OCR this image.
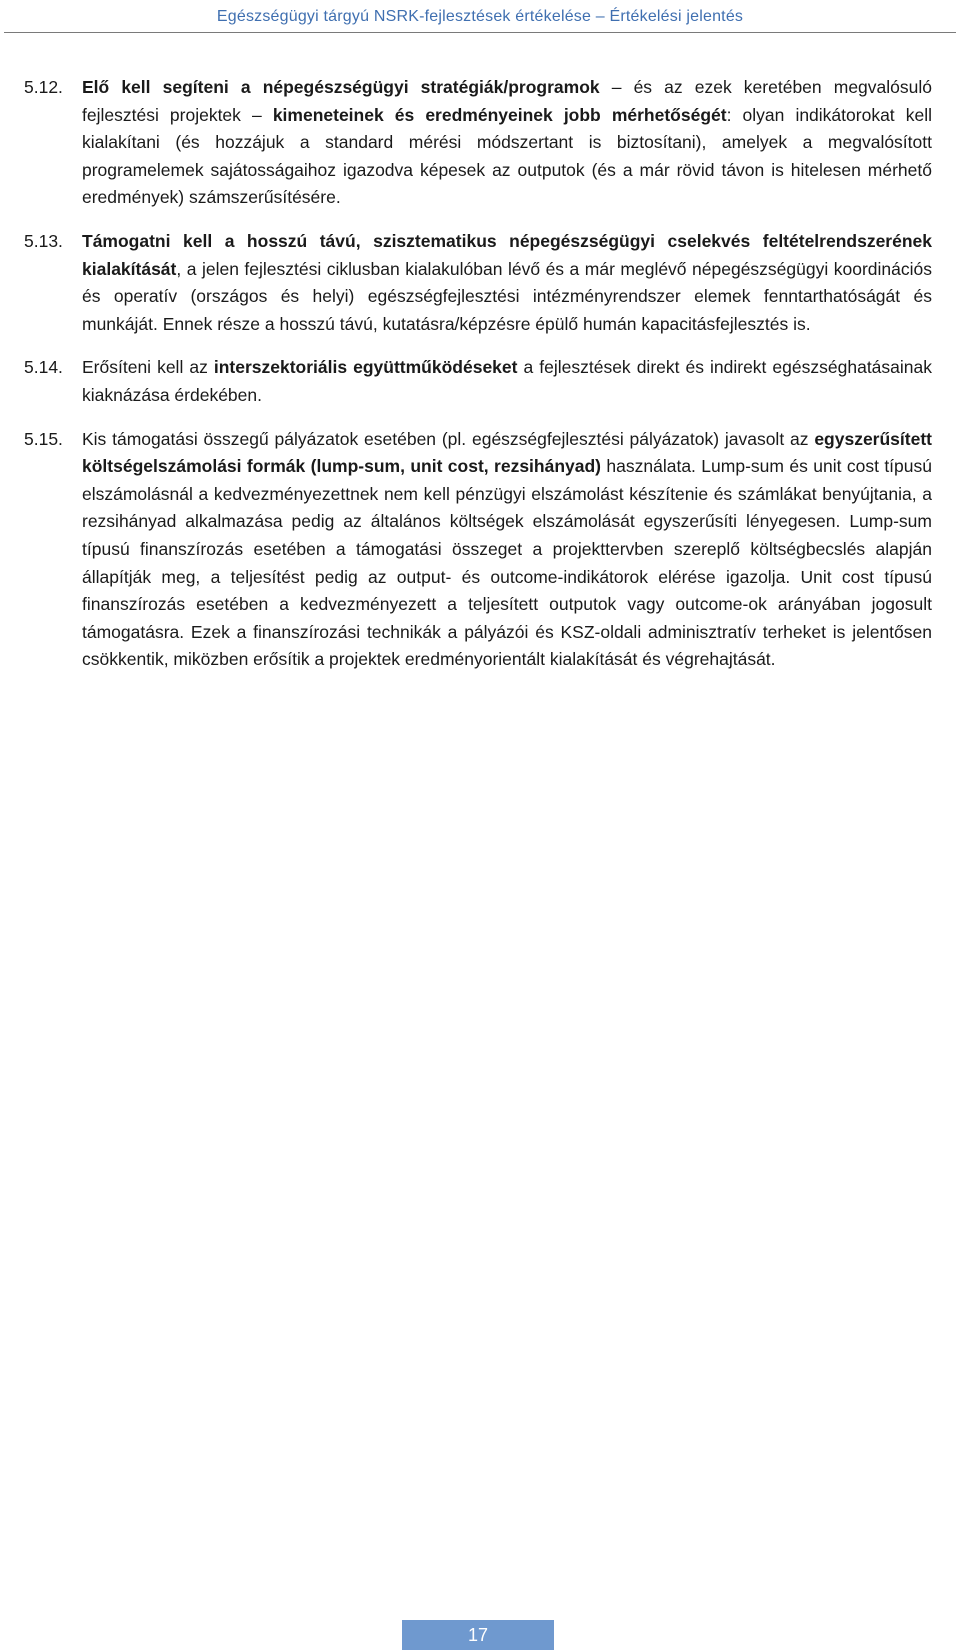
Egészségügyi tárgyú NSRK-fejlesztések értékelése – Értékelési jelentés
5.12.	Elő kell segíteni a népegészségügyi stratégiák/programok – és az ezek keretében megvalósuló fejlesztési projektek – kimeneteinek és eredményeinek jobb mérhetőségét: olyan indikátorokat kell kialakítani (és hozzájuk a standard mérési módszertant is biztosítani), amelyek a megvalósított programelemek sajátosságaihoz igazodva képesek az outputok (és a már rövid távon is hitelesen mérhető eredmények) számszerűsítésére.
5.13.	Támogatni kell a hosszú távú, szisztematikus népegészségügyi cselekvés feltételrendszerének kialakítását, a jelen fejlesztési ciklusban kialakulóban lévő és a már meglévő népegészségügyi koordinációs és operatív (országos és helyi) egészségfejlesztési intézményrendszer elemek fenntarthatóságát és munkáját. Ennek része a hosszú távú, kutatásra/képzésre épülő humán kapacitásfejlesztés is.
5.14.	Erősíteni kell az interszektoriális együttműködéseket a fejlesztések direkt és indirekt egészséghatásainak kiaknázása érdekében.
5.15.	Kis támogatási összegű pályázatok esetében (pl. egészségfejlesztési pályázatok) javasolt az egyszerűsített költségelszámolási formák (lump-sum, unit cost, rezsihányad) használata. Lump-sum és unit cost típusú elszámolásnál a kedvezményezettnek nem kell pénzügyi elszámolást készítenie és számlákat benyújtania, a rezsihányad alkalmazása pedig az általános költségek elszámolását egyszerűsíti lényegesen. Lump-sum típusú finanszírozás esetében a támogatási összeget a projekttervben szereplő költségbecslés alapján állapítják meg, a teljesítést pedig az output- és outcome-indikátorok elérése igazolja. Unit cost típusú finanszírozás esetében a kedvezményezett a teljesített outputok vagy outcome-ok arányában jogosult támogatásra. Ezek a finanszírozási technikák a pályázói és KSZ-oldali adminisztratív terheket is jelentősen csökkentik, miközben erősítik a projektek eredményorientált kialakítását és végrehajtását.
17
